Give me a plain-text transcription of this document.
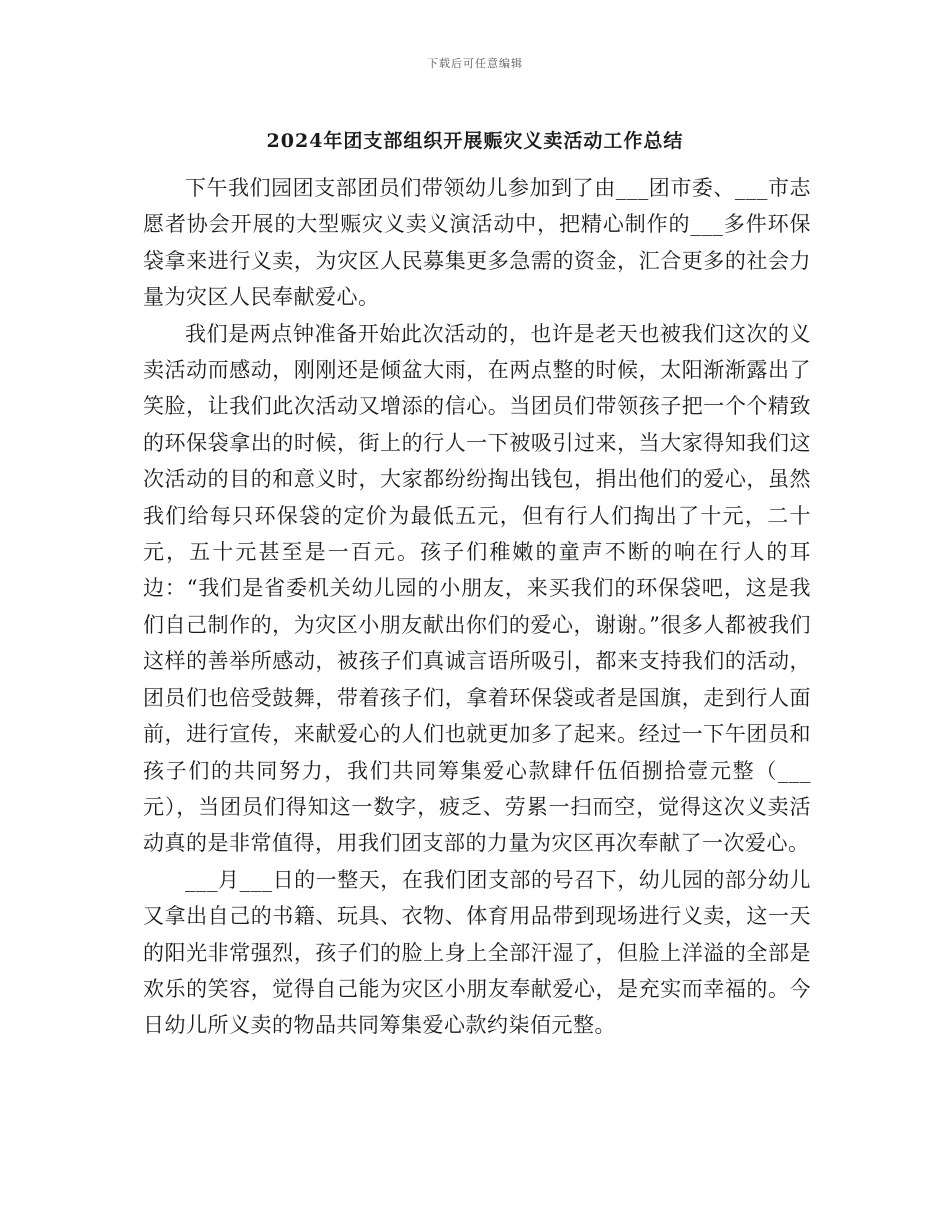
下载后可任意编辑
2024年团支部组织开展赈灾义卖活动工作总结

下午我们园团支部团员们带领幼儿参加到了由___团市委、___市志愿者协会开展的大型赈灾义卖义演活动中，把精心制作的___多件环保袋拿来进行义卖，为灾区人民募集更多急需的资金，汇合更多的社会力量为灾区人民奉献爱心。

我们是两点钟准备开始此次活动的，也许是老天也被我们这次的义卖活动而感动，刚刚还是倾盆大雨，在两点整的时候，太阳渐渐露出了笑脸，让我们此次活动又增添的信心。当团员们带领孩子把一个个精致的环保袋拿出的时候，街上的行人一下被吸引过来，当大家得知我们这次活动的目的和意义时，大家都纷纷掏出钱包，捐出他们的爱心，虽然我们给每只环保袋的定价为最低五元，但有行人们掏出了十元，二十元，五十元甚至是一百元。孩子们稚嫩的童声不断的响在行人的耳边：“我们是省委机关幼儿园的小朋友，来买我们的环保袋吧，这是我们自己制作的，为灾区小朋友献出你们的爱心，谢谢。”很多人都被我们这样的善举所感动，被孩子们真诚言语所吸引，都来支持我们的活动，团员们也倍受鼓舞，带着孩子们，拿着环保袋或者是国旗，走到行人面前，进行宣传，来献爱心的人们也就更加多了起来。经过一下午团员和孩子们的共同努力，我们共同筹集爱心款肆仟伍佰捌拾壹元整（___元），当团员们得知这一数字，疲乏、劳累一扫而空，觉得这次义卖活动真的是非常值得，用我们团支部的力量为灾区再次奉献了一次爱心。

___月___日的一整天，在我们团支部的号召下，幼儿园的部分幼儿又拿出自己的书籍、玩具、衣物、体育用品带到现场进行义卖，这一天的阳光非常强烈，孩子们的脸上身上全部汗湿了，但脸上洋溢的全部是欢乐的笑容，觉得自己能为灾区小朋友奉献爱心，是充实而幸福的。今日幼儿所义卖的物品共同筹集爱心款约柒佰元整。
